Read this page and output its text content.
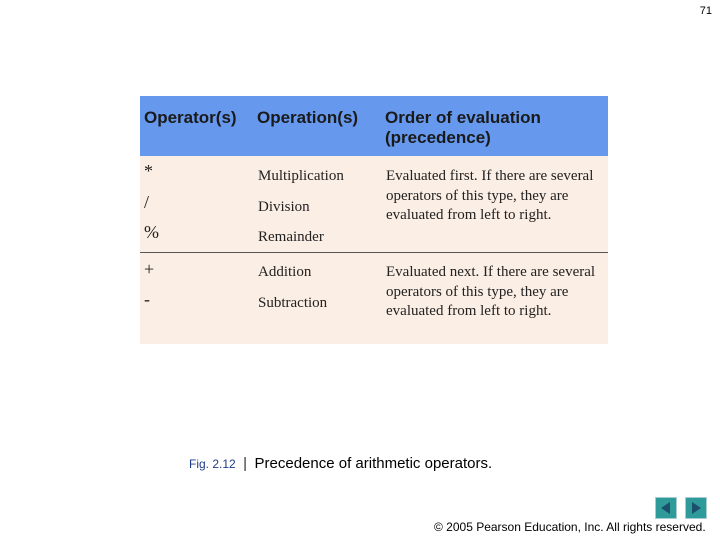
71
Operator(s) Operation(s) Order of evaluation (precedence)
*
/
%
Multiplication
Division
Remainder
Evaluated first. If there are several operators of this type, they are evaluated from left to right.
+
-
Addition
Subtraction
Evaluated next. If there are several operators of this type, they are evaluated from left to right.
Fig. 2.12 | Precedence of arithmetic operators.
© 2005 Pearson Education, Inc. All rights reserved.
